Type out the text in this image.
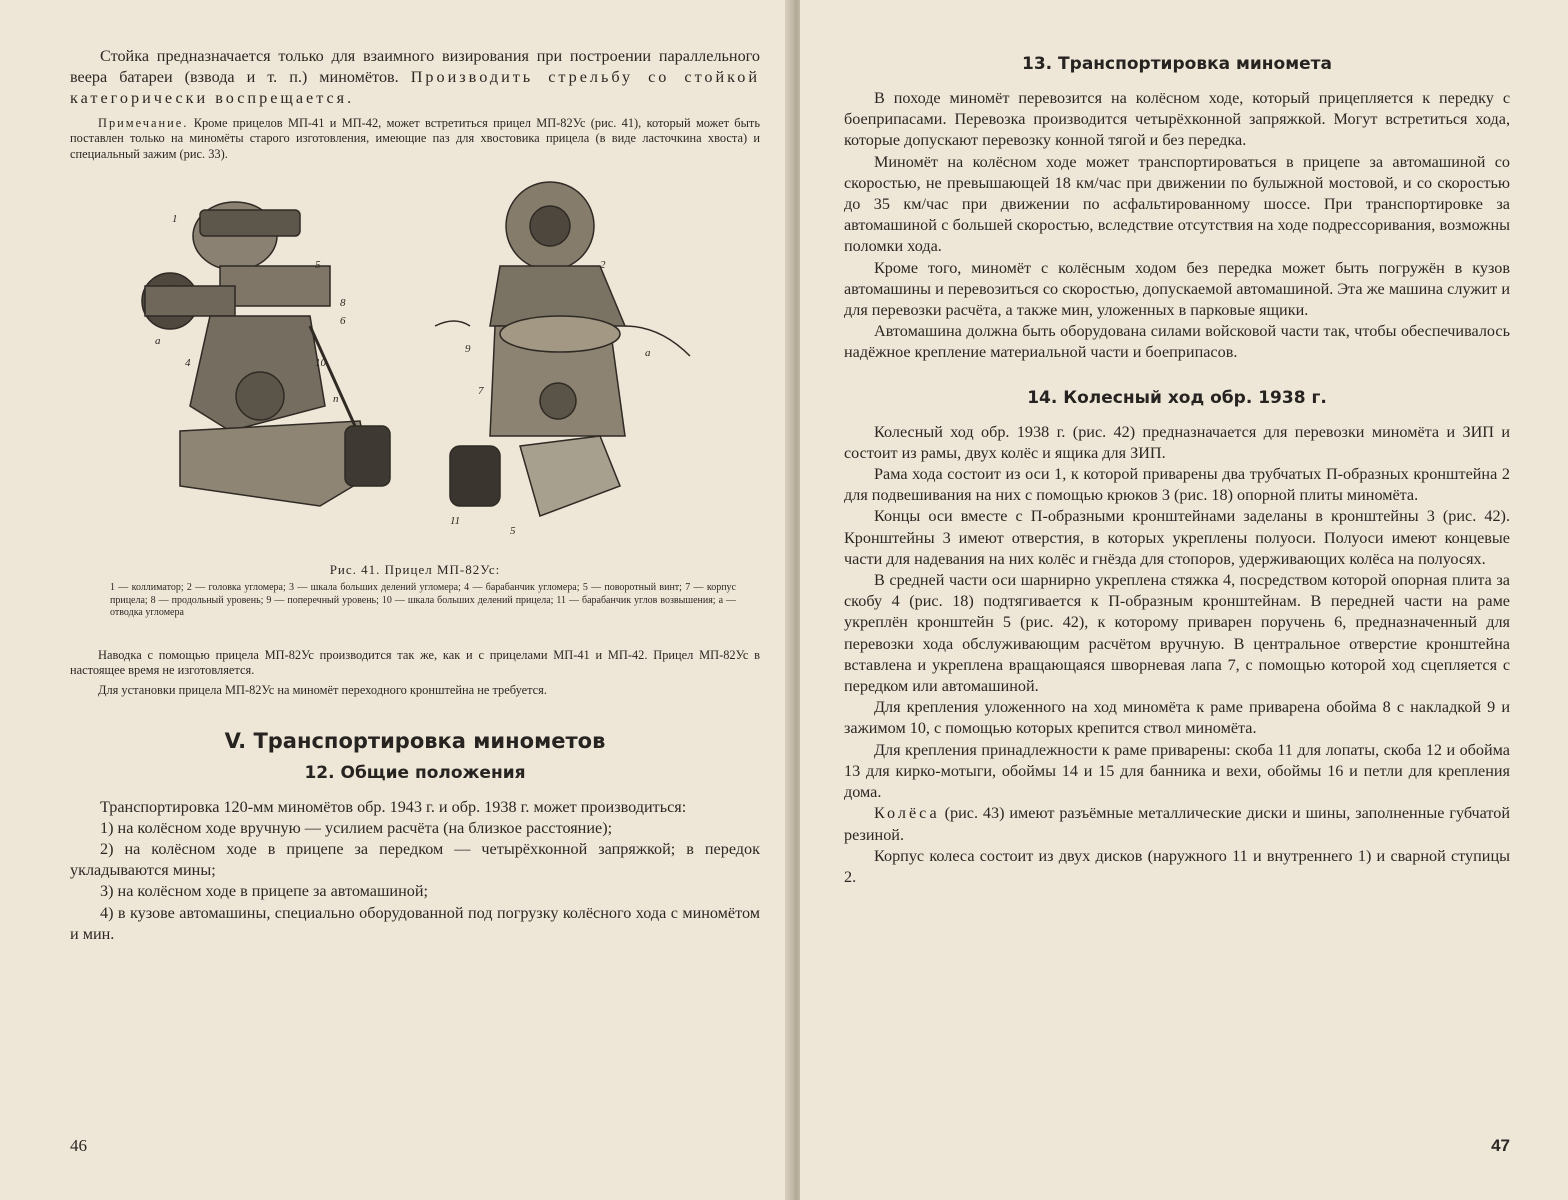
Стойка предназначается только для взаимного визирования при построении параллельного веера батареи (взвода и т. п.) миномётов. Производить стрельбу со стойкой категорически воспрещается.

Примечание. Кроме прицелов МП-41 и МП-42, может встретиться прицел МП-82Ус (рис. 41), который может быть поставлен только на миномёты старого изготовления, имеющие паз для хвостовика прицела (в виде ласточкина хвоста) и специальный зажим (рис. 33).

1
5
8
6
а
4	10
п
2
9	а
7
11
5
Рис. 41. Прицел МП-82Ус:
1 — коллиматор; 2 — головка угломера; 3 — шкала больших делений угломера; 4 — барабанчик угломера; 5 — поворотный винт; 7 — корпус прицела; 8 — продольный уровень; 9 — поперечный уровень; 10 — шкала больших делений прицела; 11 — барабанчик углов возвышения; а — отводка угломера

Наводка с помощью прицела МП-82Ус производится так же, как и с прицелами МП-41 и МП-42. Прицел МП-82Ус в настоящее время не изготовляется.

Для установки прицела МП-82Ус на миномёт переходного кронштейна не требуется.

V. Транспортировка минометов
12. Общие положения

Транспортировка 120-мм миномётов обр. 1943 г. и обр. 1938 г. может производиться:

1) на колёсном ходе вручную — усилием расчёта (на близкое расстояние);

2) на колёсном ходе в прицепе за передком — четырёхконной запряжкой; в передок укладываются мины;

3) на колёсном ходе в прицепе за автомашиной;

4) в кузове автомашины, специально оборудованной под погрузку колёсного хода с миномётом и мин.

46
13. Транспортировка миномета

В походе миномёт перевозится на колёсном ходе, который прицепляется к передку с боеприпасами. Перевозка производится четырёхконной запряжкой. Могут встретиться хода, которые допускают перевозку конной тягой и без передка.

Миномёт на колёсном ходе может транспортироваться в прицепе за автомашиной со скоростью, не превышающей 18 км/час при движении по булыжной мостовой, и со скоростью до 35 км/час при движении по асфальтированному шоссе. При транспортировке за автомашиной с большей скоростью, вследствие отсутствия на ходе подрессоривания, возможны поломки хода.

Кроме того, миномёт с колёсным ходом без передка может быть погружён в кузов автомашины и перевозиться со скоростью, допускаемой автомашиной. Эта же машина служит и для перевозки расчёта, а также мин, уложенных в парковые ящики.

Автомашина должна быть оборудована силами войсковой части так, чтобы обеспечивалось надёжное крепление материальной части и боеприпасов.

14. Колесный ход обр. 1938 г.

Колесный ход обр. 1938 г. (рис. 42) предназначается для перевозки миномёта и ЗИП и состоит из рамы, двух колёс и ящика для ЗИП.

Рама хода состоит из оси 1, к которой приварены два трубчатых П-образных кронштейна 2 для подвешивания на них с помощью крюков 3 (рис. 18) опорной плиты миномёта.

Концы оси вместе с П-образными кронштейнами заделаны в кронштейны 3 (рис. 42). Кронштейны 3 имеют отверстия, в которых укреплены полуоси. Полуоси имеют концевые части для надевания на них колёс и гнёзда для стопоров, удерживающих колёса на полуосях.

В средней части оси шарнирно укреплена стяжка 4, посредством которой опорная плита за скобу 4 (рис. 18) подтягивается к П-образным кронштейнам. В передней части на раме укреплён кронштейн 5 (рис. 42), к которому приварен поручень 6, предназначенный для перевозки хода обслуживающим расчётом вручную. В центральное отверстие кронштейна вставлена и укреплена вращающаяся шворневая лапа 7, с помощью которой ход сцепляется с передком или автомашиной.

Для крепления уложенного на ход миномёта к раме приварена обойма 8 с накладкой 9 и зажимом 10, с помощью которых крепится ствол миномёта.

Для крепления принадлежности к раме приварены: скоба 11 для лопаты, скоба 12 и обойма 13 для кирко-мотыги, обоймы 14 и 15 для банника и вехи, обоймы 16 и петли для крепления дома.

Колёса (рис. 43) имеют разъёмные металлические диски и шины, заполненные губчатой резиной.

Корпус колеса состоит из двух дисков (наружного 11 и внутреннего 1) и сварной ступицы 2.

47
